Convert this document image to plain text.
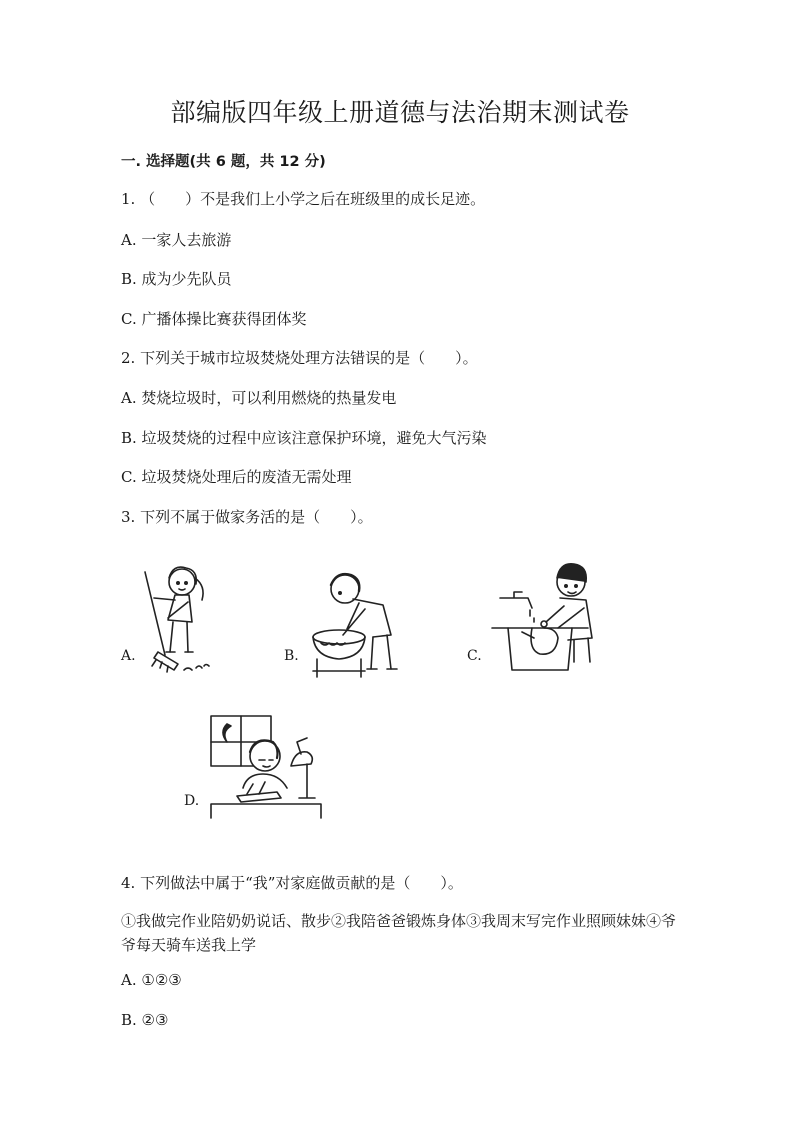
部编版四年级上册道德与法治期末测试卷
一. 选择题(共 6 题，共 12 分)
1. （　　）不是我们上小学之后在班级里的成长足迹。
A. 一家人去旅游
B. 成为少先队员
C. 广播体操比赛获得团体奖
2. 下列关于城市垃圾焚烧处理方法错误的是（　　）。
A. 焚烧垃圾时，可以利用燃烧的热量发电
B. 垃圾焚烧的过程中应该注意保护环境，避免大气污染
C. 垃圾焚烧处理后的废渣无需处理
3. 下列不属于做家务活的是（　　）。
A.	B.	C.
D.
4. 下列做法中属于“我”对家庭做贡献的是（　　）。
①我做完作业陪奶奶说话、散步②我陪爸爸锻炼身体③我周末写完作业照顾妹妹④爷爷每天骑车送我上学
A. ①②③
B. ②③
